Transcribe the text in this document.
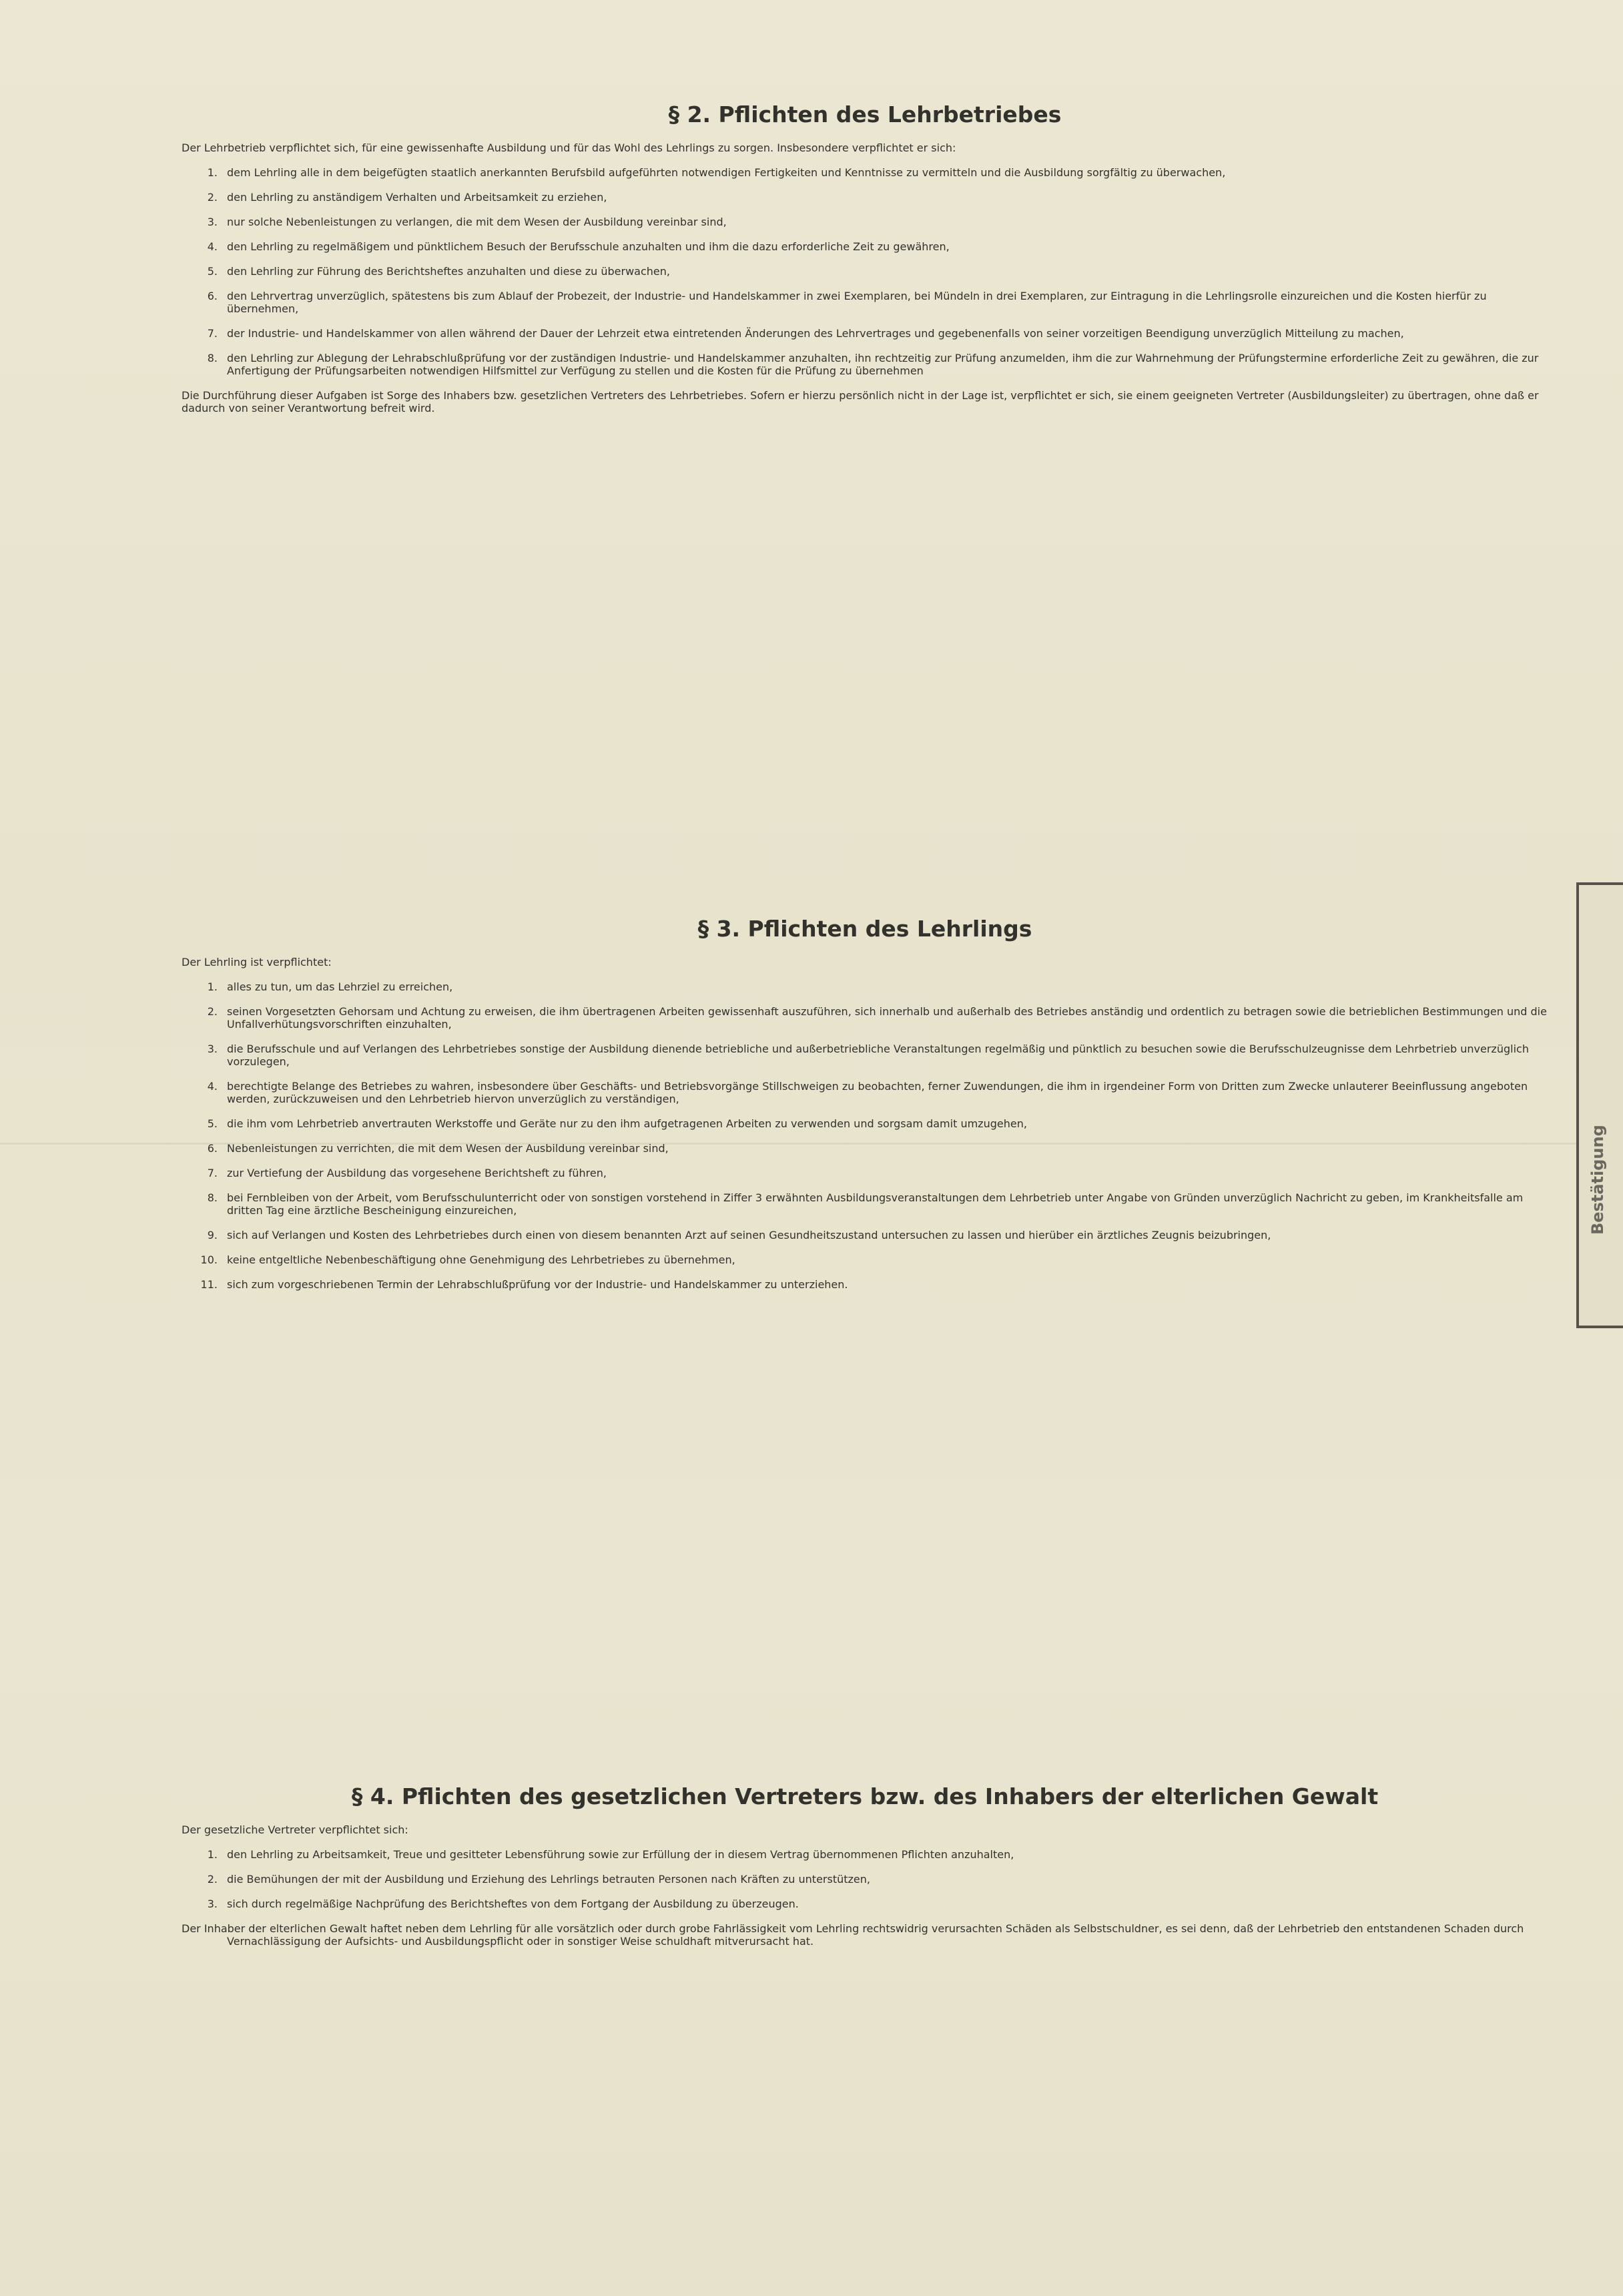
Bestätigung
§ 2. Pflichten des Lehrbetriebes

Der Lehrbetrieb verpflichtet sich, für eine gewissenhafte Ausbildung und für das Wohl des Lehrlings zu sorgen. Insbesondere verpflichtet er sich:

1. dem Lehrling alle in dem beigefügten staatlich anerkannten Berufsbild aufgeführten notwendigen Fertigkeiten und Kenntnisse zu vermitteln und die Ausbildung sorgfältig zu überwachen,
2. den Lehrling zu anständigem Verhalten und Arbeitsamkeit zu erziehen,
3. nur solche Nebenleistungen zu verlangen, die mit dem Wesen der Ausbildung vereinbar sind,
4. den Lehrling zu regelmäßigem und pünktlichem Besuch der Berufsschule anzuhalten und ihm die dazu erforderliche Zeit zu gewähren,
5. den Lehrling zur Führung des Berichtsheftes anzuhalten und diese zu überwachen,
6. den Lehrvertrag unverzüglich, spätestens bis zum Ablauf der Probezeit, der Industrie- und Handelskammer in zwei Exemplaren, bei Mündeln in drei Exemplaren, zur Eintragung in die Lehrlingsrolle einzureichen und die Kosten hierfür zu übernehmen,
7. der Industrie- und Handelskammer von allen während der Dauer der Lehrzeit etwa eintretenden Änderungen des Lehrvertrages und gegebenenfalls von seiner vorzeitigen Beendigung unverzüglich Mitteilung zu machen,
8. den Lehrling zur Ablegung der Lehrabschlußprüfung vor der zuständigen Industrie- und Handelskammer anzuhalten, ihn rechtzeitig zur Prüfung anzumelden, ihm die zur Wahrnehmung der Prüfungstermine erforderliche Zeit zu gewähren, die zur Anfertigung der Prüfungsarbeiten notwendigen Hilfsmittel zur Verfügung zu stellen und die Kosten für die Prüfung zu übernehmen

Die Durchführung dieser Aufgaben ist Sorge des Inhabers bzw. gesetzlichen Vertreters des Lehrbetriebes. Sofern er hierzu persönlich nicht in der Lage ist, verpflichtet er sich, sie einem geeigneten Vertreter (Ausbildungsleiter) zu übertragen, ohne daß er dadurch von seiner Verantwortung befreit wird.

§ 3. Pflichten des Lehrlings

Der Lehrling ist verpflichtet:

1. alles zu tun, um das Lehrziel zu erreichen,
2. seinen Vorgesetzten Gehorsam und Achtung zu erweisen, die ihm übertragenen Arbeiten gewissenhaft auszuführen, sich innerhalb und außerhalb des Betriebes anständig und ordentlich zu betragen sowie die betrieblichen Bestimmungen und die Unfallverhütungsvorschriften einzuhalten,
3. die Berufsschule und auf Verlangen des Lehrbetriebes sonstige der Ausbildung dienende betriebliche und außerbetriebliche Veranstaltungen regelmäßig und pünktlich zu besuchen sowie die Berufsschulzeugnisse dem Lehrbetrieb unverzüglich vorzulegen,
4. berechtigte Belange des Betriebes zu wahren, insbesondere über Geschäfts- und Betriebsvorgänge Stillschweigen zu beobachten, ferner Zuwendungen, die ihm in irgendeiner Form von Dritten zum Zwecke unlauterer Beeinflussung angeboten werden, zurückzuweisen und den Lehrbetrieb hiervon unverzüglich zu verständigen,
5. die ihm vom Lehrbetrieb anvertrauten Werkstoffe und Geräte nur zu den ihm aufgetragenen Arbeiten zu verwenden und sorgsam damit umzugehen,
6. Nebenleistungen zu verrichten, die mit dem Wesen der Ausbildung vereinbar sind,
7. zur Vertiefung der Ausbildung das vorgesehene Berichtsheft zu führen,
8. bei Fernbleiben von der Arbeit, vom Berufsschulunterricht oder von sonstigen vorstehend in Ziffer 3 erwähnten Ausbildungsveranstaltungen dem Lehrbetrieb unter Angabe von Gründen unverzüglich Nachricht zu geben, im Krankheitsfalle am dritten Tag eine ärztliche Bescheinigung einzureichen,
9. sich auf Verlangen und Kosten des Lehrbetriebes durch einen von diesem benannten Arzt auf seinen Gesundheitszustand untersuchen zu lassen und hierüber ein ärztliches Zeugnis beizubringen,
10. keine entgeltliche Nebenbeschäftigung ohne Genehmigung des Lehrbetriebes zu übernehmen,
11. sich zum vorgeschriebenen Termin der Lehrabschlußprüfung vor der Industrie- und Handelskammer zu unterziehen.
§ 4. Pflichten des gesetzlichen Vertreters bzw. des Inhabers der elterlichen Gewalt

Der gesetzliche Vertreter verpflichtet sich:

1. den Lehrling zu Arbeitsamkeit, Treue und gesitteter Lebensführung sowie zur Erfüllung der in diesem Vertrag übernommenen Pflichten anzuhalten,
2. die Bemühungen der mit der Ausbildung und Erziehung des Lehrlings betrauten Personen nach Kräften zu unterstützen,
3. sich durch regelmäßige Nachprüfung des Berichtsheftes von dem Fortgang der Ausbildung zu überzeugen.

Der Inhaber der elterlichen Gewalt haftet neben dem Lehrling für alle vorsätzlich oder durch grobe Fahrlässigkeit vom Lehrling rechtswidrig verursachten Schäden als Selbstschuldner, es sei denn, daß der Lehrbetrieb den entstandenen Schaden durch Vernachlässigung der Aufsichts- und Ausbildungspflicht oder in sonstiger Weise schuldhaft mitverursacht hat.
